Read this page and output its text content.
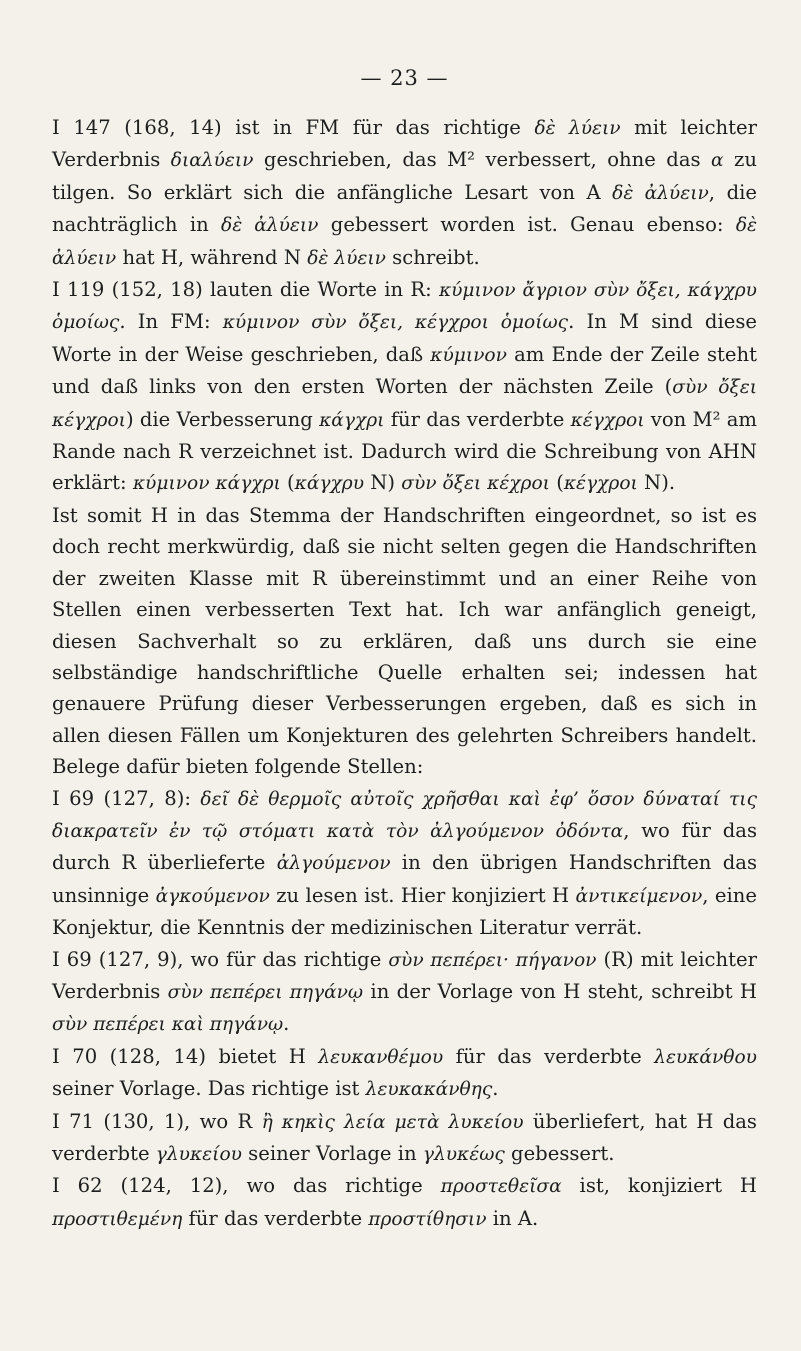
— 23 —

I 147 (168, 14) ist in FM für das richtige δὲ λύειν mit leichter Verderbnis διαλύειν geschrieben, das M² verbessert, ohne das α zu tilgen. So erklärt sich die anfängliche Lesart von A δὲ ἀλύειν, die nachträglich in δὲ ἀλύειν gebessert worden ist. Genau ebenso: δὲ ἀλύειν hat H, während N δὲ λύειν schreibt.

I 119 (152, 18) lauten die Worte in R: κύμινον ἄγριον σὺν ὄξει, κάγχρυ ὁμοίως. In FM: κύμινον σὺν ὄξει, κέγχροι ὁμοίως. In M sind diese Worte in der Weise geschrieben, daß κύμινον am Ende der Zeile steht und daß links von den ersten Worten der nächsten Zeile (σὺν ὄξει κέγχροι) die Verbesserung κάγχρι für das verderbte κέγχροι von M² am Rande nach R verzeichnet ist. Dadurch wird die Schreibung von AHN erklärt: κύμινον κάγχρι (κάγχρυ N) σὺν ὄξει κέχροι (κέγχροι N).

Ist somit H in das Stemma der Handschriften eingeordnet, so ist es doch recht merkwürdig, daß sie nicht selten gegen die Handschriften der zweiten Klasse mit R übereinstimmt und an einer Reihe von Stellen einen verbesserten Text hat. Ich war anfänglich geneigt, diesen Sachverhalt so zu erklären, daß uns durch sie eine selbständige handschriftliche Quelle erhalten sei; indessen hat genauere Prüfung dieser Verbesserungen ergeben, daß es sich in allen diesen Fällen um Konjekturen des gelehrten Schreibers handelt. Belege dafür bieten folgende Stellen:

I 69 (127, 8): δεῖ δὲ θερμοῖς αὐτοῖς χρῆσθαι καὶ ἐφ’ ὅσον δύναταί τις διακρατεῖν ἐν τῷ στόματι κατὰ τὸν ἀλγούμενον ὀδόντα, wo für das durch R überlieferte ἀλγούμενον in den übrigen Handschriften das unsinnige ἀγκούμενον zu lesen ist. Hier konjiziert H ἀντικείμενον, eine Konjektur, die Kenntnis der medizinischen Literatur verrät.

I 69 (127, 9), wo für das richtige σὺν πεπέρει· πήγανον (R) mit leichter Verderbnis σὺν πεπέρει πηγάνῳ in der Vorlage von H steht, schreibt H σὺν πεπέρει καὶ πηγάνῳ.

I 70 (128, 14) bietet H λευκανθέμου für das verderbte λευκάνθου seiner Vorlage. Das richtige ist λευκακάνθης.

I 71 (130, 1), wo R ἢ κηκὶς λεία μετὰ λυκείου überliefert, hat H das verderbte γλυκείου seiner Vorlage in γλυκέως gebessert.

I 62 (124, 12), wo das richtige προστεθεῖσα ist, konjiziert H προστιθεμένη für das verderbte προστίθησιν in A.
